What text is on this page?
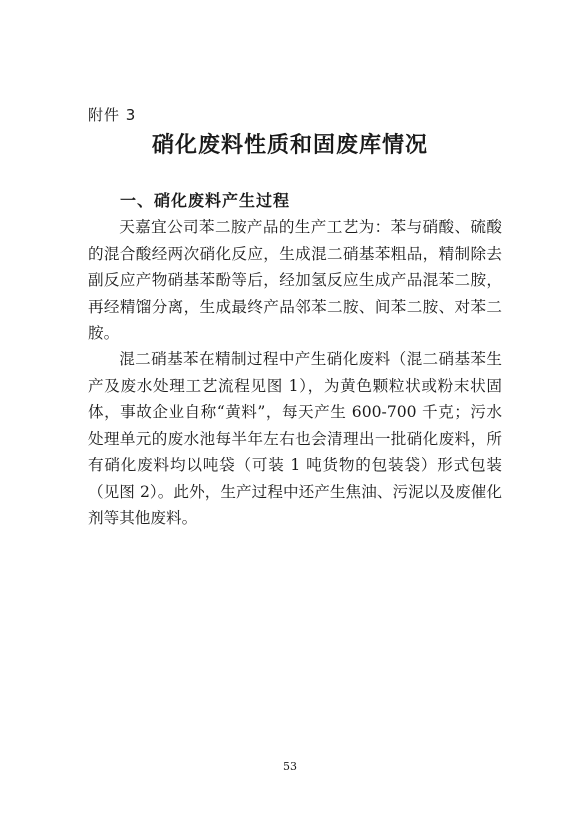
附件 3
硝化废料性质和固废库情况
一、硝化废料产生过程

天嘉宜公司苯二胺产品的生产工艺为：苯与硝酸、硫酸的混合酸经两次硝化反应，生成混二硝基苯粗品，精制除去副反应产物硝基苯酚等后，经加氢反应生成产品混苯二胺，再经精馏分离，生成最终产品邻苯二胺、间苯二胺、对苯二胺。

混二硝基苯在精制过程中产生硝化废料（混二硝基苯生产及废水处理工艺流程见图 1），为黄色颗粒状或粉末状固体，事故企业自称“黄料”，每天产生 600-700 千克；污水处理单元的废水池每半年左右也会清理出一批硝化废料，所有硝化废料均以吨袋（可装 1 吨货物的包装袋）形式包装（见图 2）。此外，生产过程中还产生焦油、污泥以及废催化剂等其他废料。

53
